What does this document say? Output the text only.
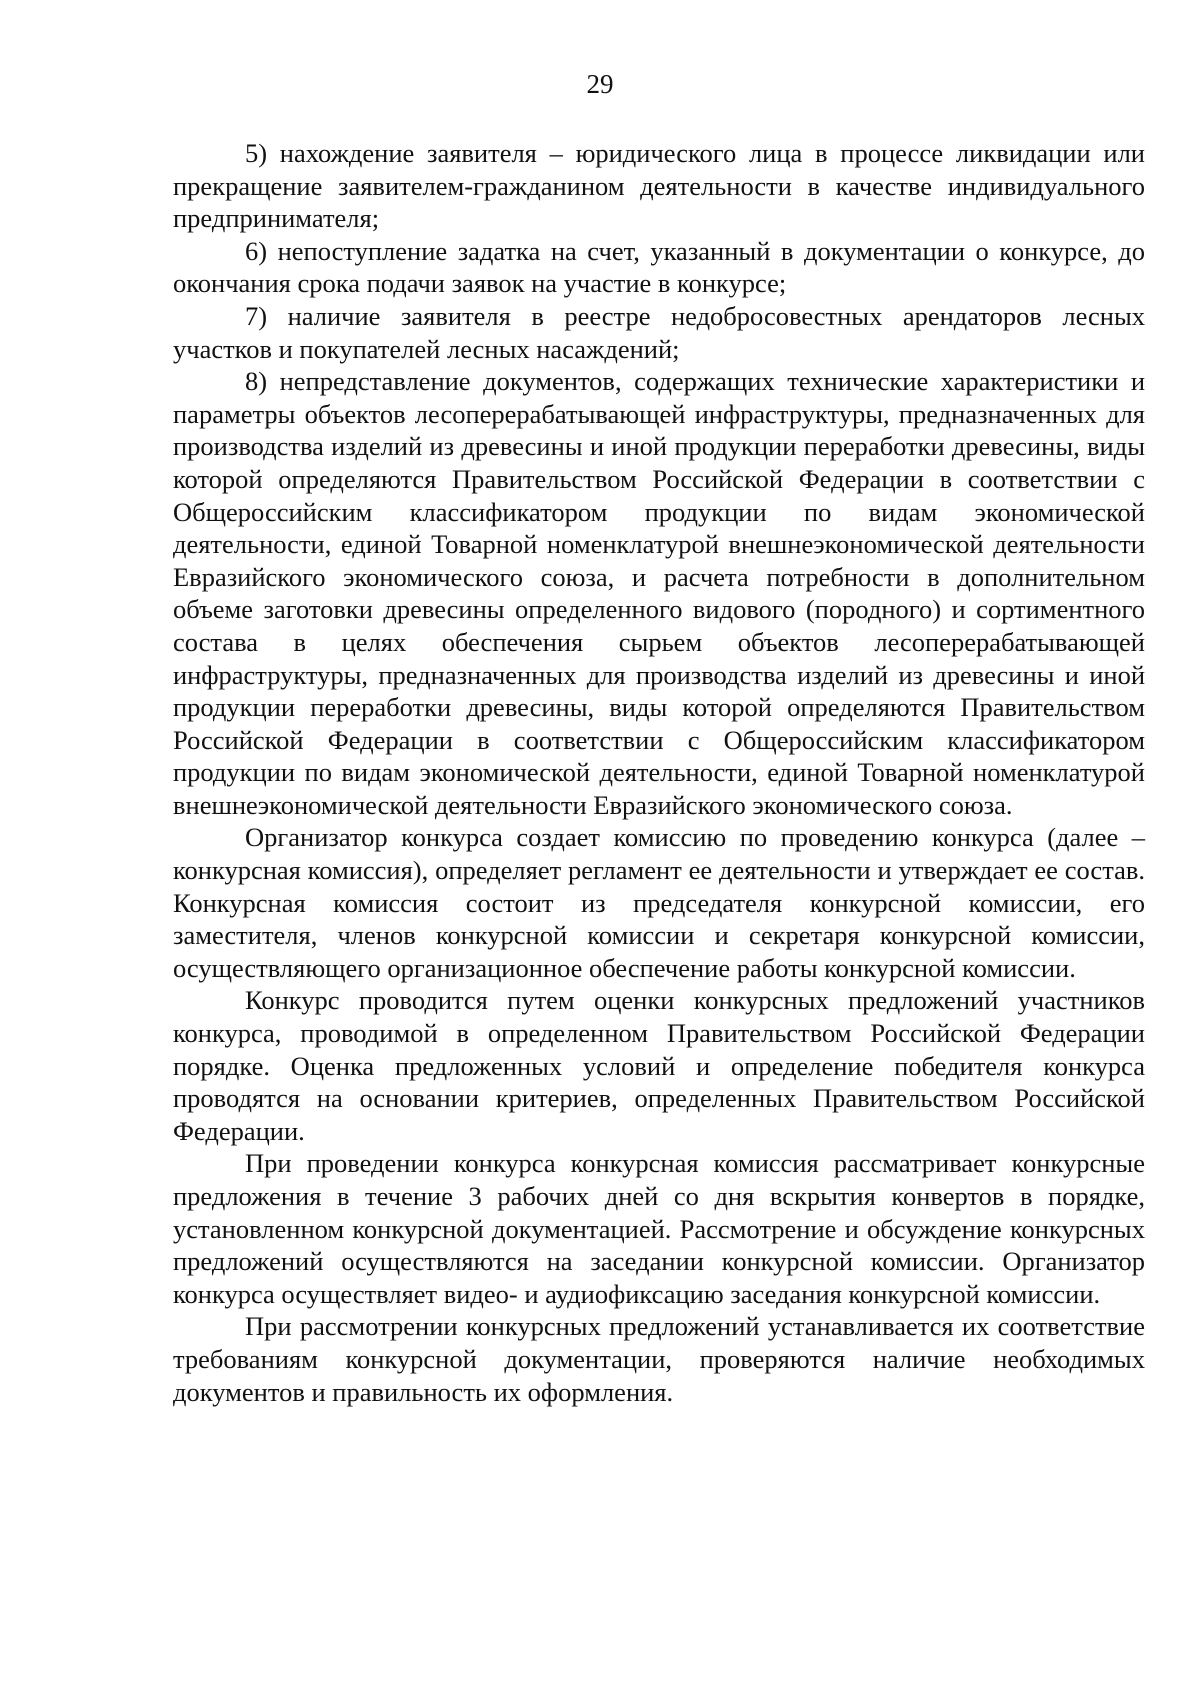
29

5) нахождение заявителя – юридического лица в процессе ликвидации или прекращение заявителем-гражданином деятельности в качестве индивидуального предпринимателя;

6) непоступление задатка на счет, указанный в документации о конкурсе, до окончания срока подачи заявок на участие в конкурсе;

7) наличие заявителя в реестре недобросовестных арендаторов лесных участков и покупателей лесных насаждений;

8) непредставление документов, содержащих технические характеристики и параметры объектов лесоперерабатывающей инфраструктуры, предназначенных для производства изделий из древесины и иной продукции переработки древесины, виды которой определяются Правительством Российской Федерации в соответствии с Общероссийским классификатором продукции по видам экономической деятельности, единой Товарной номенклатурой внешнеэкономической деятельности Евразийского экономического союза, и расчета потребности в дополнительном объеме заготовки древесины определенного видового (породного) и сортиментного состава в целях обеспечения сырьем объектов лесоперерабатывающей инфраструктуры, предназначенных для производства изделий из древесины и иной продукции переработки древесины, виды которой определяются Правительством Российской Федерации в соответствии с Общероссийским классификатором продукции по видам экономической деятельности, единой Товарной номенклатурой внешнеэкономической деятельности Евразийского экономического союза.

Организатор конкурса создает комиссию по проведению конкурса (далее – конкурсная комиссия), определяет регламент ее деятельности и утверждает ее состав. Конкурсная комиссия состоит из председателя конкурсной комиссии, его заместителя, членов конкурсной комиссии и секретаря конкурсной комиссии, осуществляющего организационное обеспечение работы конкурсной комиссии.

Конкурс проводится путем оценки конкурсных предложений участников конкурса, проводимой в определенном Правительством Российской Федерации порядке. Оценка предложенных условий и определение победителя конкурса проводятся на основании критериев, определенных Правительством Российской Федерации.

При проведении конкурса конкурсная комиссия рассматривает конкурсные предложения в течение 3 рабочих дней со дня вскрытия конвертов в порядке, установленном конкурсной документацией. Рассмотрение и обсуждение конкурсных предложений осуществляются на заседании конкурсной комиссии. Организатор конкурса осуществляет видео- и аудиофиксацию заседания конкурсной комиссии.

При рассмотрении конкурсных предложений устанавливается их соответствие требованиям конкурсной документации, проверяются наличие необходимых документов и правильность их оформления.
